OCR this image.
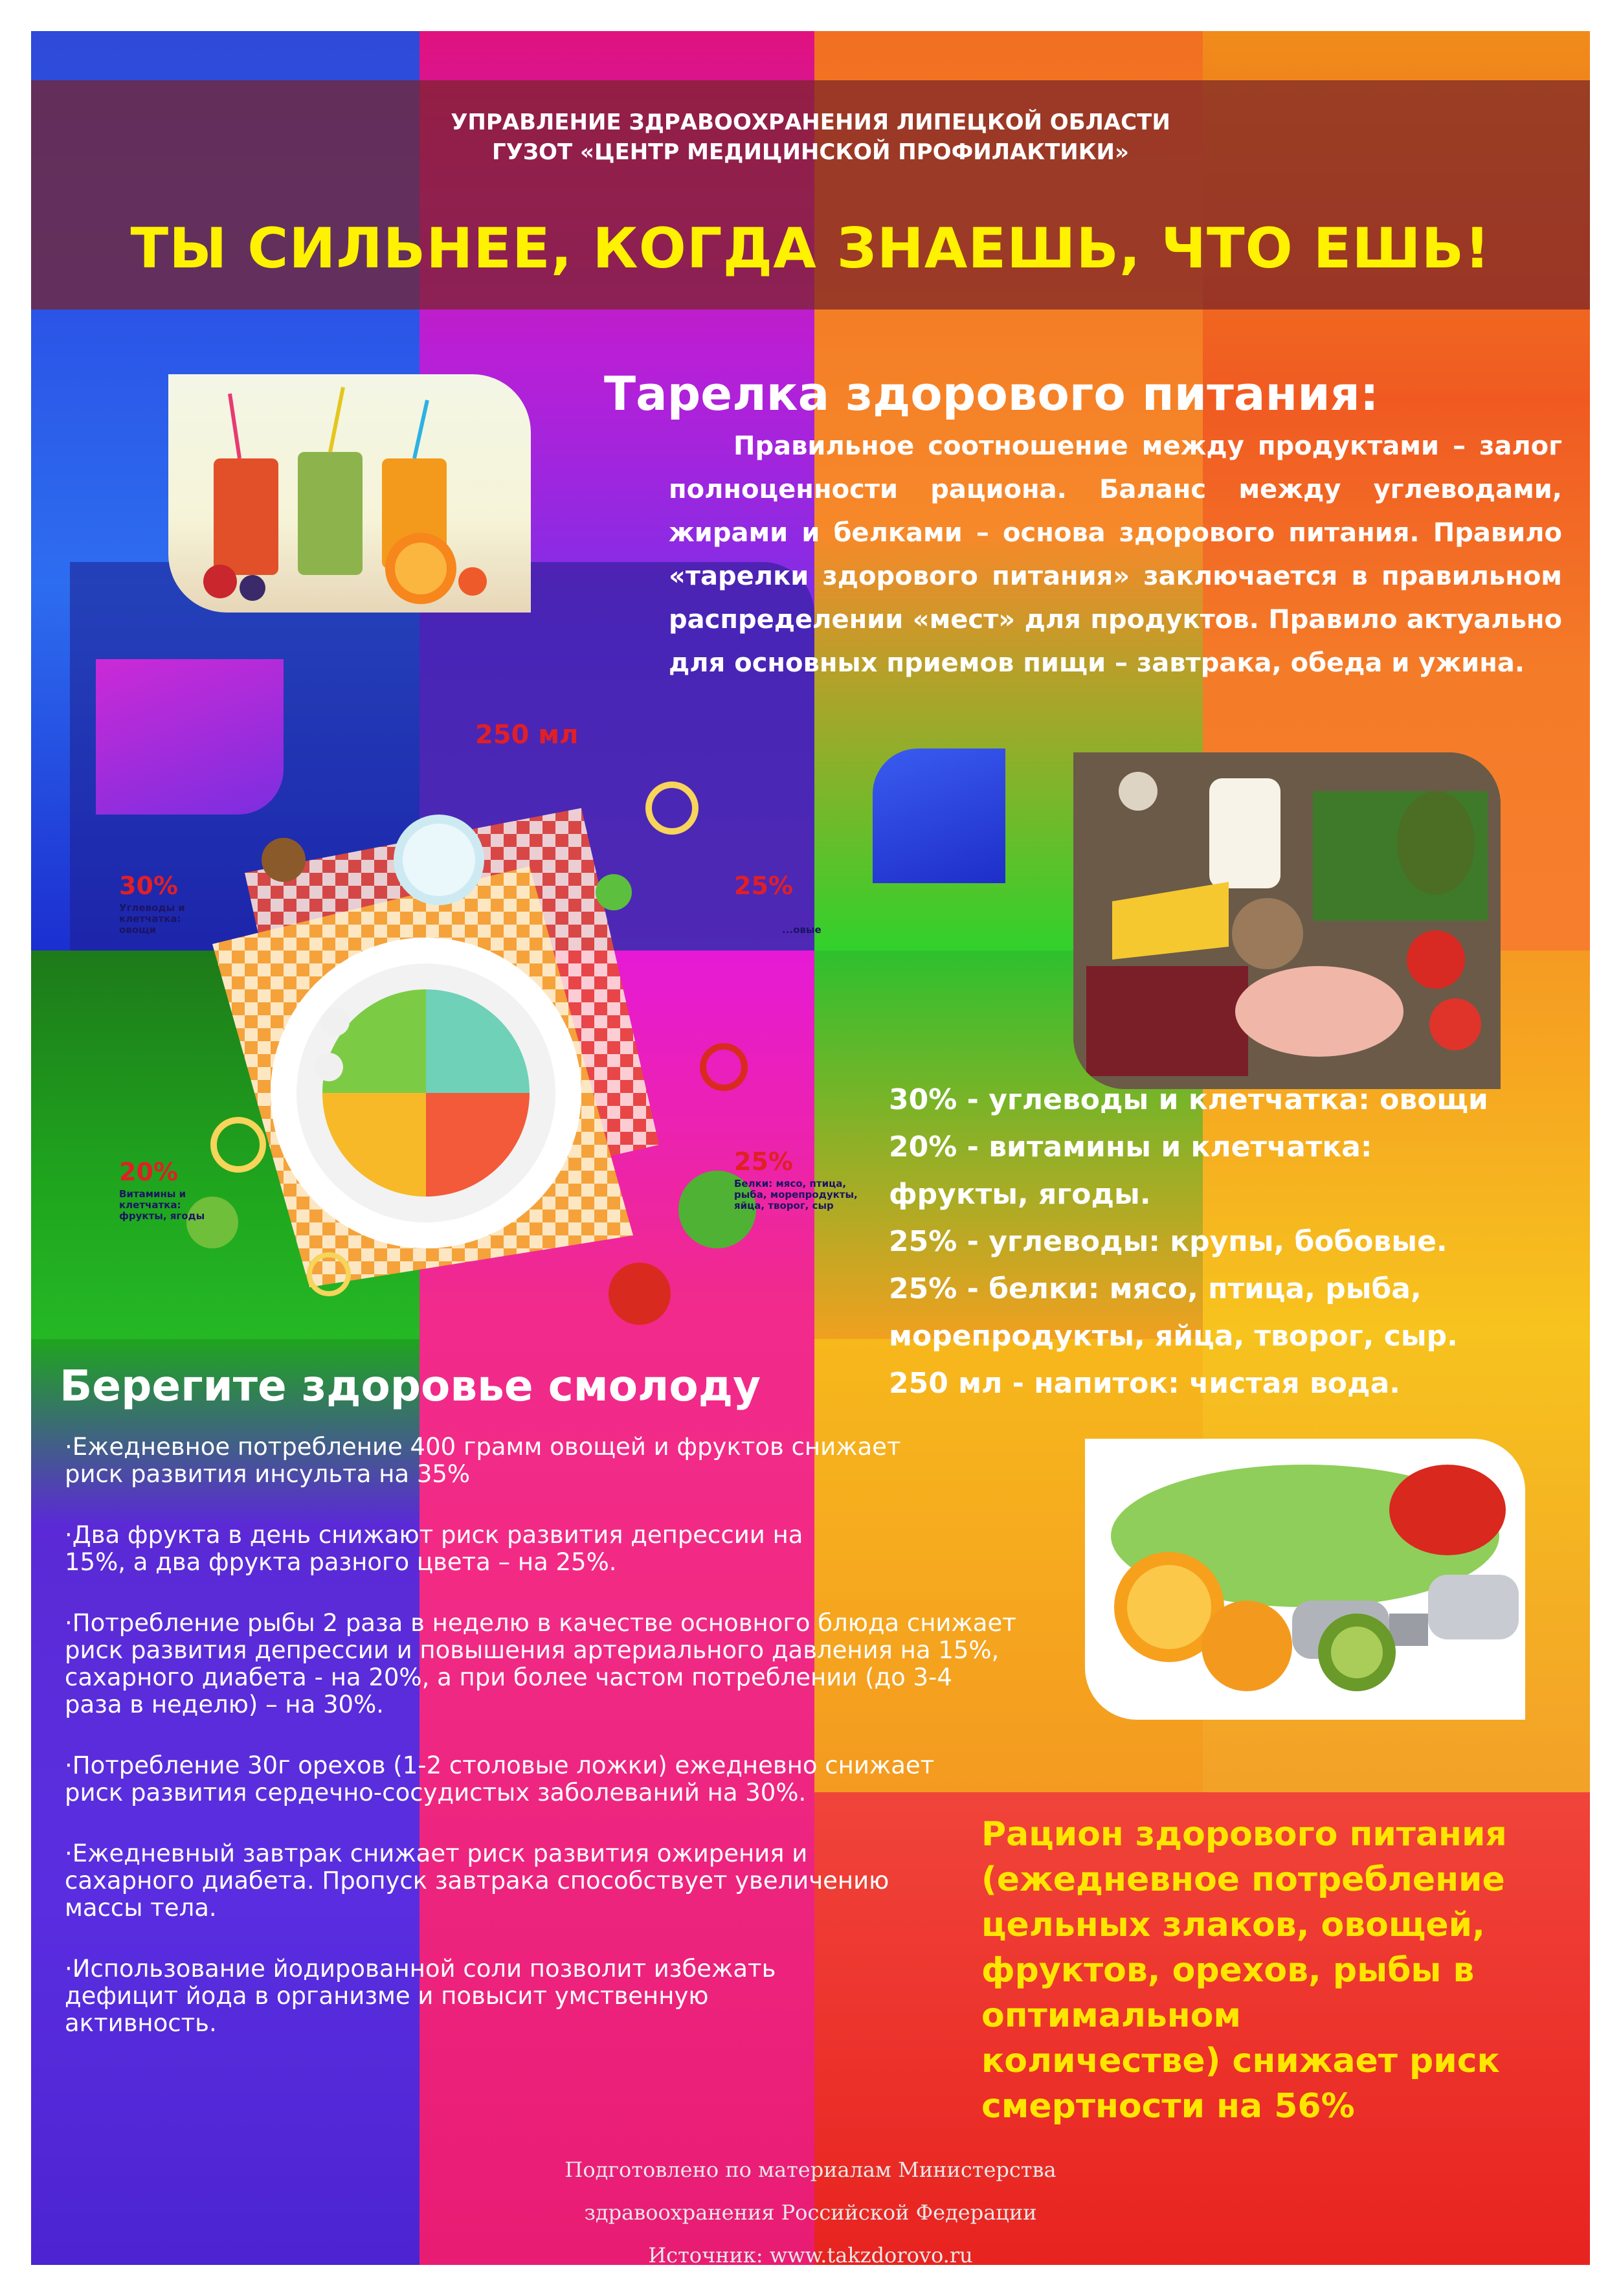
УПРАВЛЕНИЕ ЗДРАВООХРАНЕНИЯ ЛИПЕЦКОЙ ОБЛАСТИ
ГУЗОТ «ЦЕНТР МЕДИЦИНСКОЙ ПРОФИЛАКТИКИ»
ТЫ СИЛЬНЕЕ, КОГДА ЗНАЕШЬ, ЧТО ЕШЬ!
Тарелка здорового питания:
Правильное соотношение между продуктами – залог полноценности рациона. Баланс между углеводами, жирами и белками – основа здорового питания. Правило «тарелки здорового питания» заключается в правильном распределении «мест» для продуктов. Правило актуально для основных приемов пищи – завтрака, обеда и ужина.
250 мл
30%
Углеводы и клетчатка: овощи
25%
...овые
20%
Витамины и клетчатка: фрукты, ягоды
25%
Белки: мясо, птица, рыба, морепродукты, яйца, творог, сыр
30% - углеводы и клетчатка: овощи
20% - витамины и клетчатка:
фрукты, ягоды.
25% - углеводы: крупы, бобовые.
25% - белки: мясо, птица, рыба,
морепродукты, яйца, творог, сыр.
250 мл - напиток: чистая вода.
Берегите здоровье смолоду

·Ежедневное потребление 400 грамм овощей и фруктов снижает риск развития инсульта на 35%

·Два фрукта в день снижают риск развития депрессии на 15%, а два фрукта разного цвета – на 25%.

·Потребление рыбы 2 раза в неделю в качестве основного блюда снижает риск развития депрессии и повышения артериального давления на 15%, сахарного диабета - на 20%, а при более частом потреблении (до 3-4 раза в неделю) – на 30%.

·Потребление 30г орехов (1-2 столовые ложки) ежедневно снижает риск развития сердечно-сосудистых заболеваний на 30%.

·Ежедневный завтрак снижает риск развития ожирения и сахарного диабета. Пропуск завтрака способствует увеличению массы тела.

·Использование йодированной соли позволит избежать дефицит йода в организме и повысит умственную активность.

Рацион здорового питания
(ежедневное потребление
цельных злаков, овощей,
фруктов, орехов, рыбы в
оптимальном
количестве) снижает риск
смертности на 56%
Подготовлено по материалам Министерства
здравоохранения Российской Федерации
Источник: www.takzdorovo.ru
